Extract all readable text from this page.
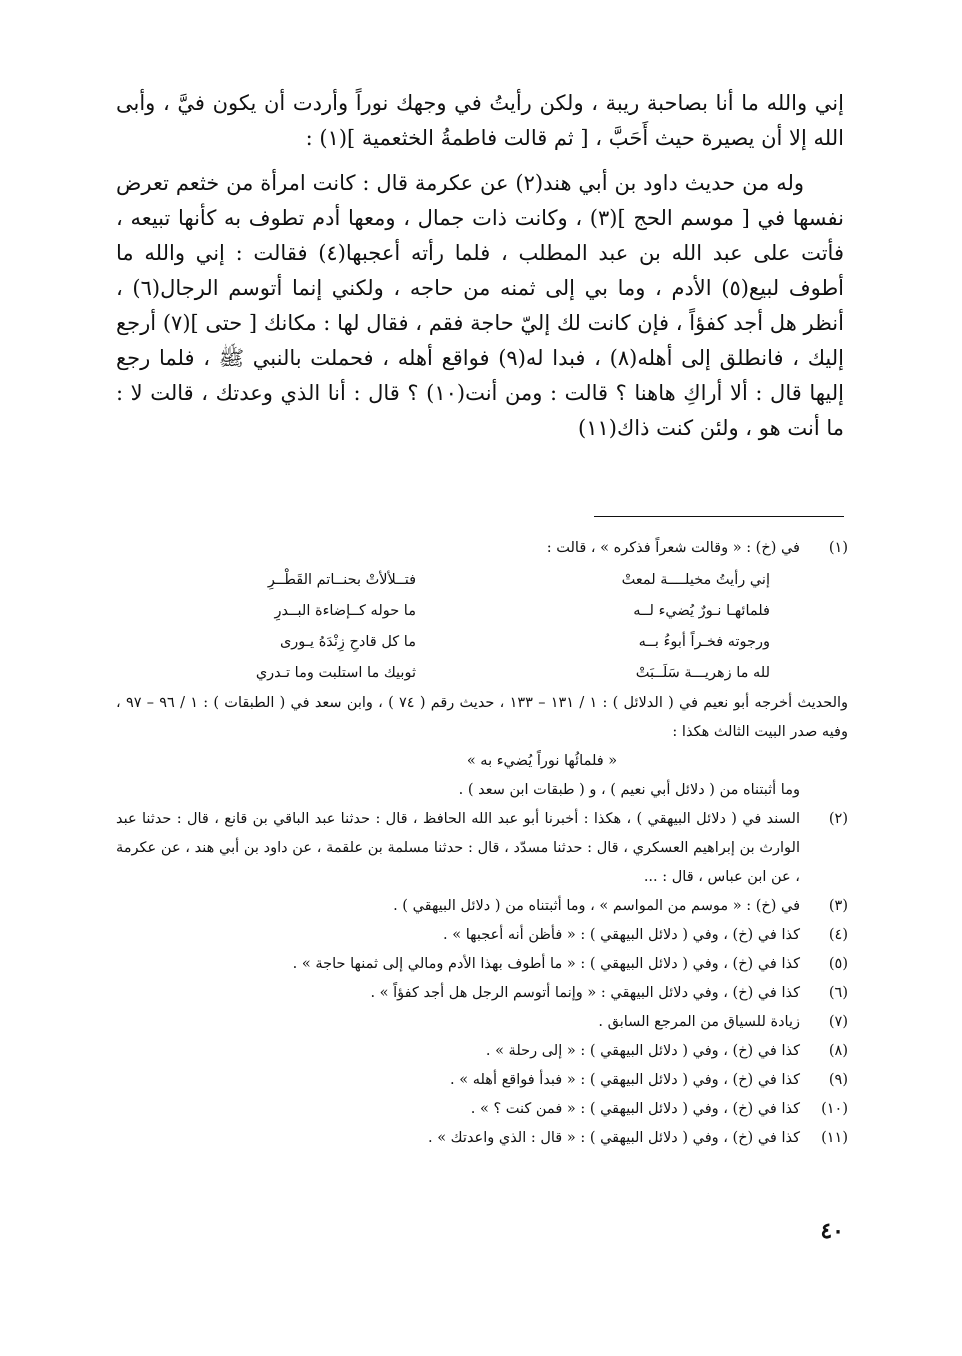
إني والله ما أنا بصاحبة ريبة ، ولكن رأيتُ في وجهك نوراً وأردت أن يكون فيَّ ، وأبى الله إلا أن يصيرة حيث أَحَبَّ ، [ ثم قالت فاطمةُ الخثعمية ](١) :

وله من حديث داود بن أبي هند(٢) عن عكرمة قال : كانت امرأة من خثعم تعرض نفسها في [ موسم الحج ](٣) ، وكانت ذات جمال ، ومعها أدم تطوف به كأنها تبيعه ، فأتت على عبد الله بن عبد المطلب ، فلما رأته أعجبها(٤) فقالت : إني والله ما أطوف لبيع(٥) الأدم ، وما بي إلى ثمنه من حاجه ، ولكني إنما أتوسم الرجال(٦) ، أنظر هل أجد كفؤاً ، فإن كانت لك إليّ حاجة فقم ، فقال لها : مكانك [ حتى ](٧) أرجع إليك ، فانطلق إلى أهله(٨) ، فبدا له(٩) فواقع أهله ، فحملت بالنبي ﷺ ، فلما رجع إليها قال : ألا أراكِ هاهنا ؟ قالت : ومن أنت(١٠) ؟ قال : أنا الذي وعدتك ، قالت لا : ما أنت هو ، ولئن كنت ذاك(١١)

(١)
في (خ) : « وقالت شعراً فذكره » ، قالت :
إني رأيتُ مخيلــــة لمعتْ
فتــلألأتْ بحنــاتم القَطْــرِ
فلمائهـا نـورٌ يُضيء لــه
ما حوله كــإضاءة البــدرِ
ورجوته فخـراً أبوءُ بــه
ما كل قادحِ زِنْدَهُ يـورى
لله ما زهريـــة سَلَــبَتْ
ثوبيك ما استلبت وما تـدري
والحديث أخرجه أبو نعيم في ( الدلائل ) : ١ / ١٣١ – ١٣٣ ، حديث رقم ( ٧٤ ) ، وابن سعد في ( الطبقات ) : ١ / ٩٦ – ٩٧ ، وفيه صدر البيت الثالث هكذا :
« فلمائُها نوراً يُضيء به »
وما أثبتناه من ( دلائل أبي نعيم ) ، و ( طبقات ابن سعد ) .
(٢)
السند في ( دلائل البيهقي ) ، هكذا : أخبرنا أبو عبد الله الحافظ ، قال : حدثنا عبد الباقي بن قانع ، قال : حدثنا عبد الوارث بن إبراهيم العسكري ، قال : حدثنا مسدّد ، قال : حدثنا مسلمة بن علقمة ، عن داود بن أبي هند ، عن عكرمة ، عن ابن عباس ، قال : ...
(٣)
في (خ) : « موسم من المواسم » ، وما أثبتناه من ( دلائل البيهقي ) .
(٤)
كذا في (خ) ، وفي ( دلائل البيهقي ) : « فأظن أنه أعجبها » .
(٥)
كذا في (خ) ، وفي ( دلائل البيهقي ) : « ما أطوف بهذا الأدم ومالي إلى ثمنها حاجة » .
(٦)
كذا في (خ) ، وفي دلائل البيهقي : « وإنما أتوسم الرجل هل أجد كفؤاً » .
(٧)
زيادة للسياق من المرجع السابق .
(٨)
كذا في (خ) ، وفي ( دلائل البيهقي ) : « إلى رحلة » .
(٩)
كذا في (خ) ، وفي ( دلائل البيهقي ) : « فبدأ فواقع أهله » .
(١٠)
كذا في (خ) ، وفي ( دلائل البيهقي ) : « فمن كنت ؟ » .
(١١)
كذا في (خ) ، وفي ( دلائل البيهقي ) : « قال : الذي واعدتك » .
٤٠
